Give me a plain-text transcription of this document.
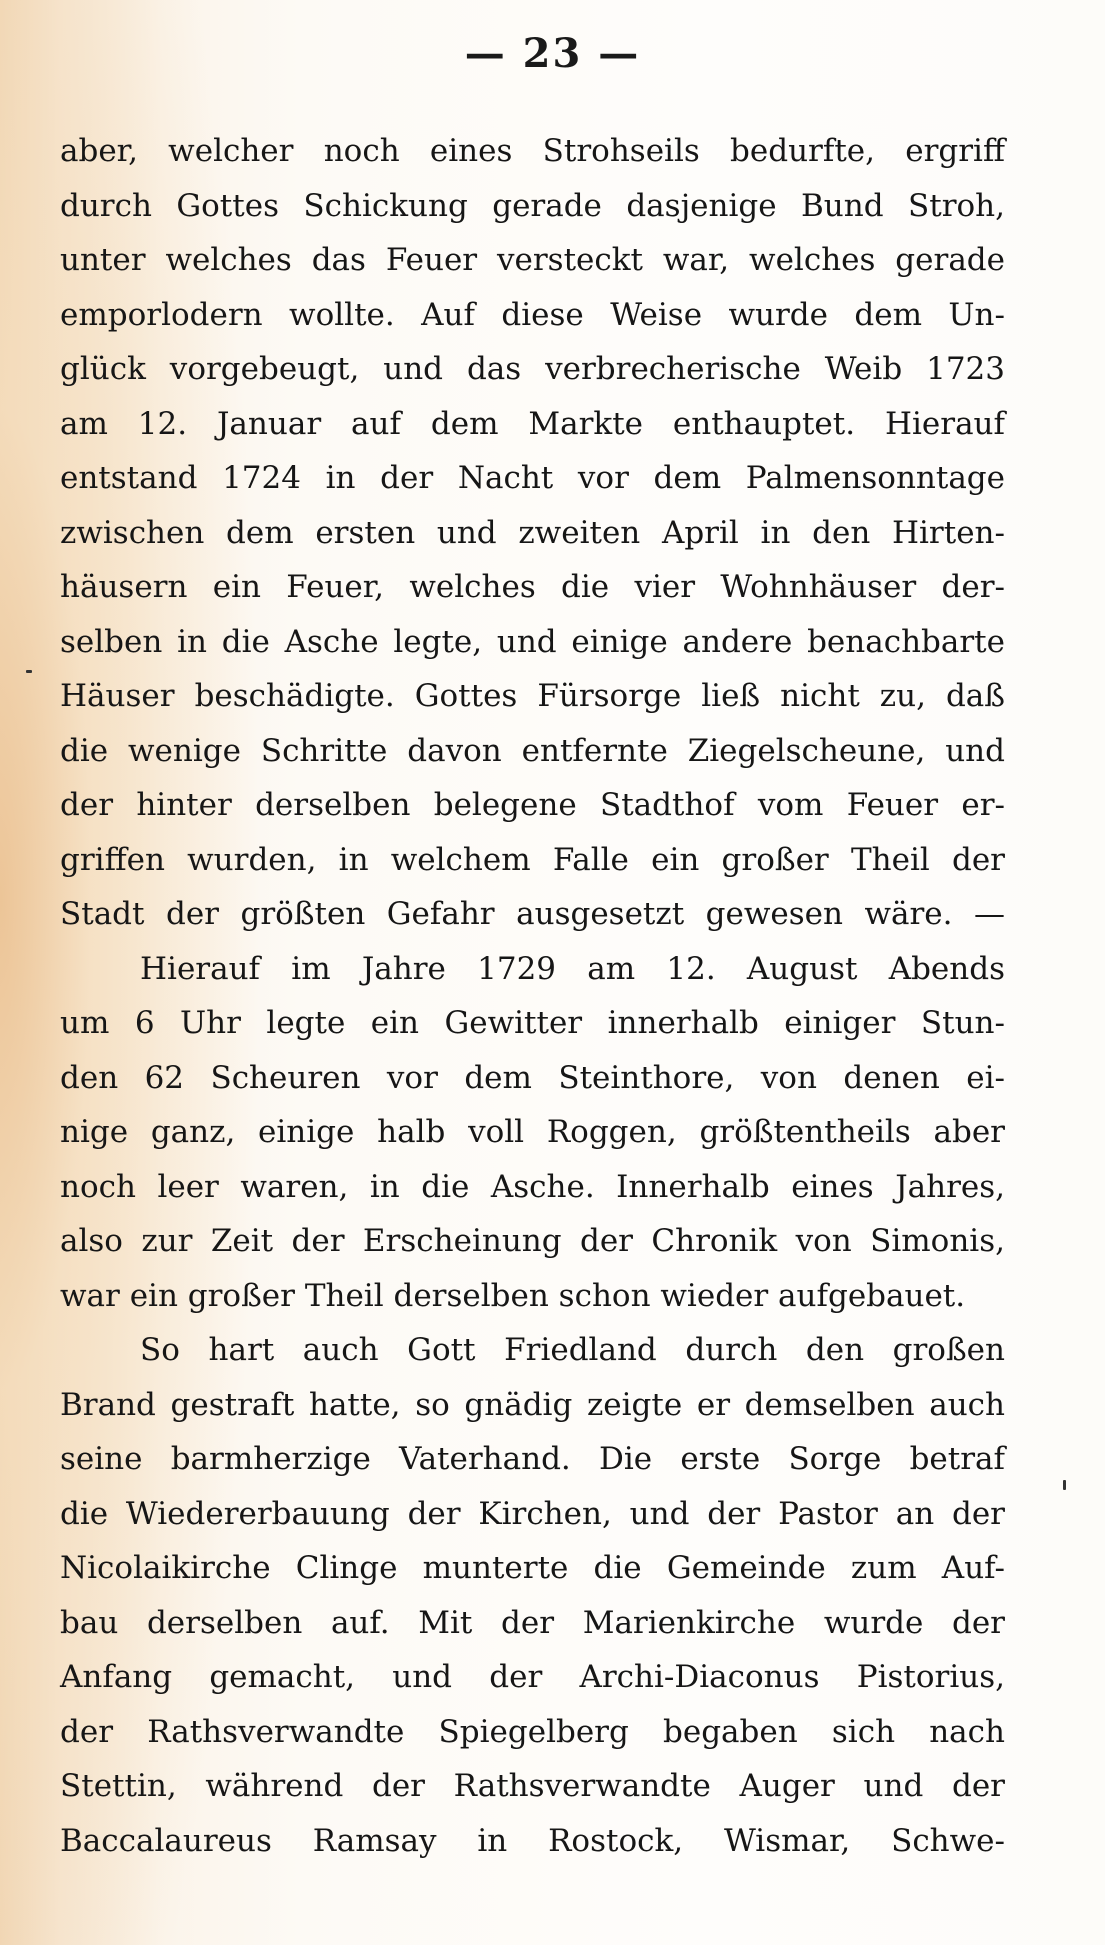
— 23 —
aber, welcher noch eines Strohseils bedurfte, ergriff
durch Gottes Schickung gerade dasjenige Bund Stroh,
unter welches das Feuer versteckt war, welches gerade
emporlodern wollte. Auf diese Weise wurde dem Un-
glück vorgebeugt, und das verbrecherische Weib 1723
am 12. Januar auf dem Markte enthauptet. Hierauf
entstand 1724 in der Nacht vor dem Palmensonntage
zwischen dem ersten und zweiten April in den Hirten-
häusern ein Feuer, welches die vier Wohnhäuser der-
selben in die Asche legte, und einige andere benachbarte
Häuser beschädigte. Gottes Fürsorge ließ nicht zu, daß
die wenige Schritte davon entfernte Ziegelscheune, und
der hinter derselben belegene Stadthof vom Feuer er-
griffen wurden, in welchem Falle ein großer Theil der
Stadt der größten Gefahr ausgesetzt gewesen wäre. —
Hierauf im Jahre 1729 am 12. August Abends
um 6 Uhr legte ein Gewitter innerhalb einiger Stun-
den 62 Scheuren vor dem Steinthore, von denen ei-
nige ganz, einige halb voll Roggen, größtentheils aber
noch leer waren, in die Asche. Innerhalb eines Jahres,
also zur Zeit der Erscheinung der Chronik von Simonis,
war ein großer Theil derselben schon wieder aufgebauet.
So hart auch Gott Friedland durch den großen
Brand gestraft hatte, so gnädig zeigte er demselben auch
seine barmherzige Vaterhand. Die erste Sorge betraf
die Wiedererbauung der Kirchen, und der Pastor an der
Nicolaikirche Clinge munterte die Gemeinde zum Auf-
bau derselben auf. Mit der Marienkirche wurde der
Anfang gemacht, und der Archi-Diaconus Pistorius,
der Rathsverwandte Spiegelberg begaben sich nach
Stettin, während der Rathsverwandte Auger und der
Baccalaureus Ramsay in Rostock, Wismar, Schwe-
